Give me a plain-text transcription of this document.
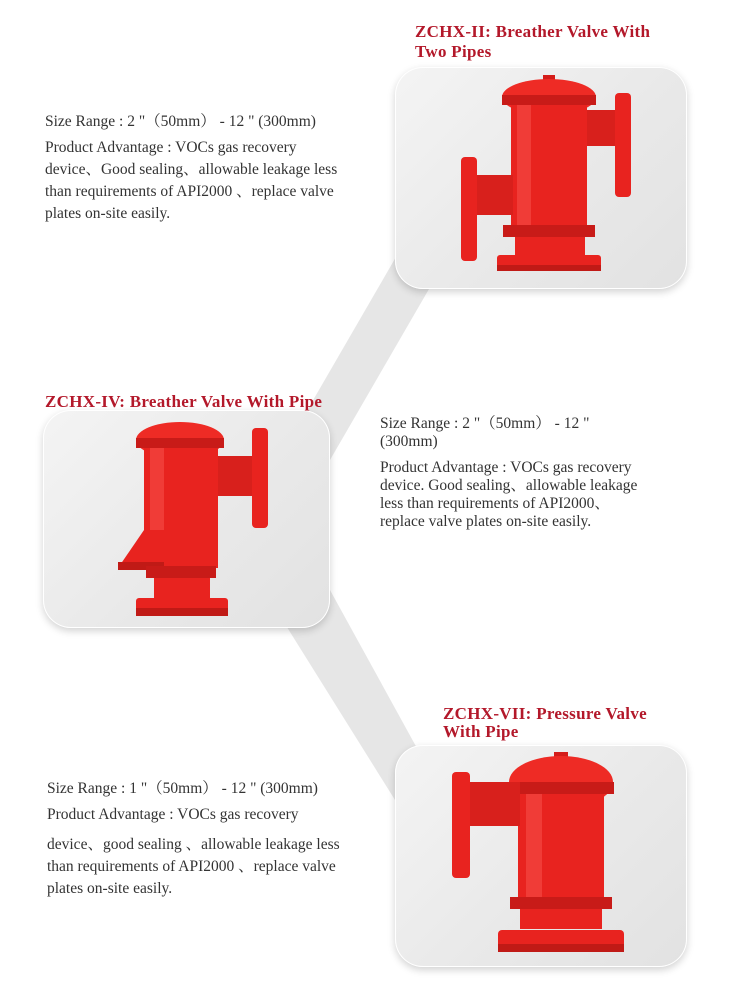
ZCHX-II: Breather Valve With
Two Pipes

Size Range : 2 "（50mm） - 12 " (300mm)

Product Advantage : VOCs gas recovery

device、Good sealing、allowable leakage less

than requirements of API2000 、replace valve

plates on-site easily.

ZCHX-IV: Breather Valve With Pipe

Size Range : 2 "（50mm） - 12 "

(300mm)

Product Advantage : VOCs gas recovery

device. Good sealing、allowable leakage

less than requirements of API2000、

replace valve plates on-site easily.

ZCHX-VII: Pressure Valve
With Pipe

Size Range : 1 "（50mm） - 12 " (300mm)

Product Advantage : VOCs gas recovery

device、good sealing 、allowable leakage less

than requirements of API2000 、replace valve

plates on-site easily.
